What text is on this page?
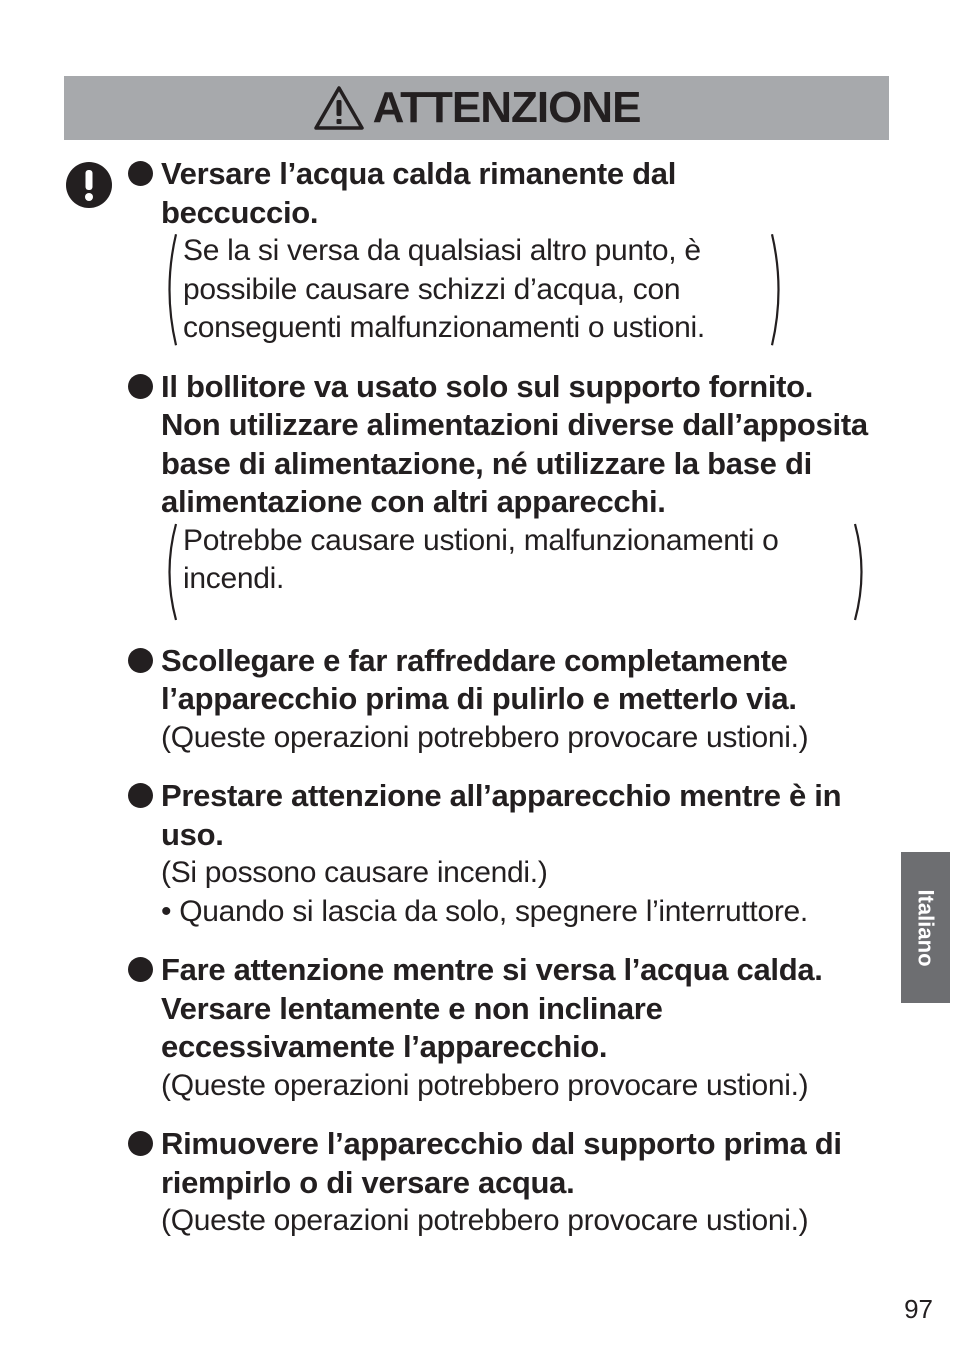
ATTENZIONE
Versare l’acqua calda rimanente dal beccuccio.
Se la si versa da qualsiasi altro punto, è possibile causare schizzi d’acqua, con conseguenti malfunzionamenti o ustioni.
Il bollitore va usato solo sul supporto fornito. Non utilizzare alimentazioni diverse dall’apposita base di alimentazione, né utilizzare la base di alimentazione con altri apparecchi.
Potrebbe causare ustioni, malfunzionamenti o incendi.
Scollegare e far raffreddare completamente l’apparecchio prima di pulirlo e metterlo via.
(Queste operazioni potrebbero provocare ustioni.)
Prestare attenzione all’apparecchio mentre è in uso.
(Si possono causare incendi.)
• Quando si lascia da solo, spegnere l’interruttore.
Fare attenzione mentre si versa l’acqua calda. Versare lentamente e non inclinare eccessivamente l’apparecchio.
(Queste operazioni potrebbero provocare ustioni.)
Rimuovere l’apparecchio dal supporto prima di riempirlo o di versare acqua.
(Queste operazioni potrebbero provocare ustioni.)
Italiano
97
